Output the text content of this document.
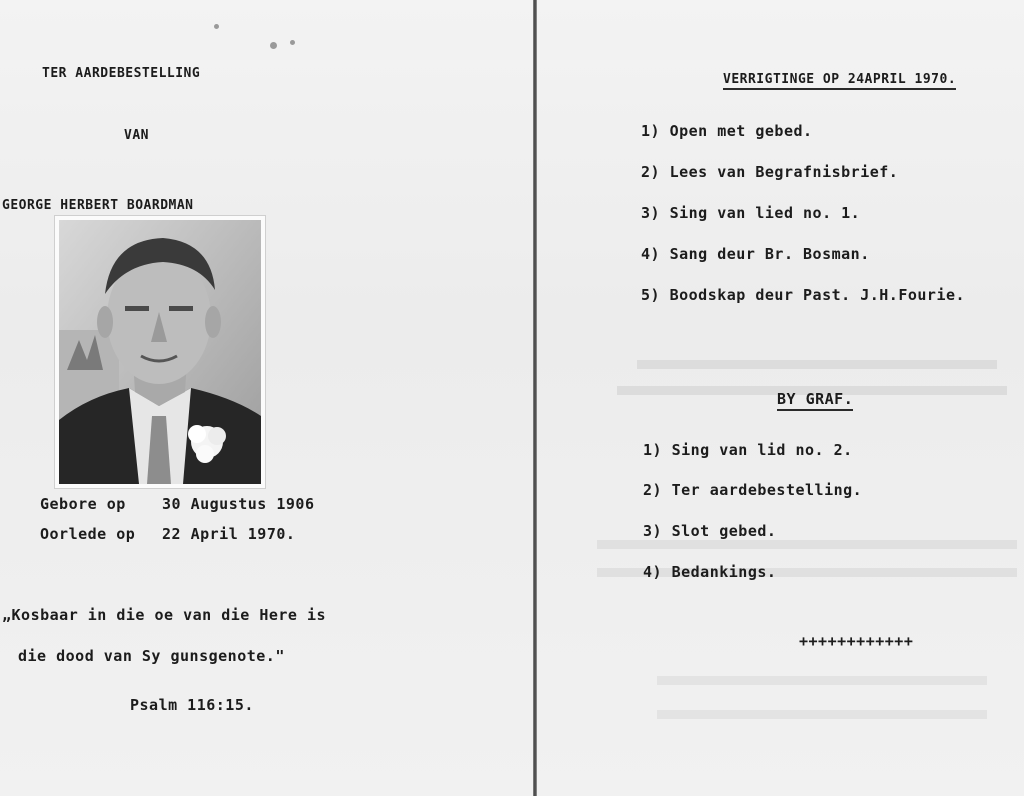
TER AARDEBESTELLING
VAN
GEORGE HERBERT BOARDMAN
Gebore op 30 Augustus 1906
Oorlede op 22 April 1970.
„Kosbaar in die oe van die Here is
die dood van Sy gunsgenote."
Psalm 116:15.
VERRIGTINGE OP 24APRIL 1970.
1) Open met gebed.
2) Lees van Begrafnisbrief.
3) Sing van lied no. 1.
4) Sang deur Br. Bosman.
5) Boodskap deur Past. J.H.Fourie.
BY GRAF.
1) Sing van lid no. 2.
2) Ter aardebestelling.
3) Slot gebed.
4) Bedankings.
++++++++++++
